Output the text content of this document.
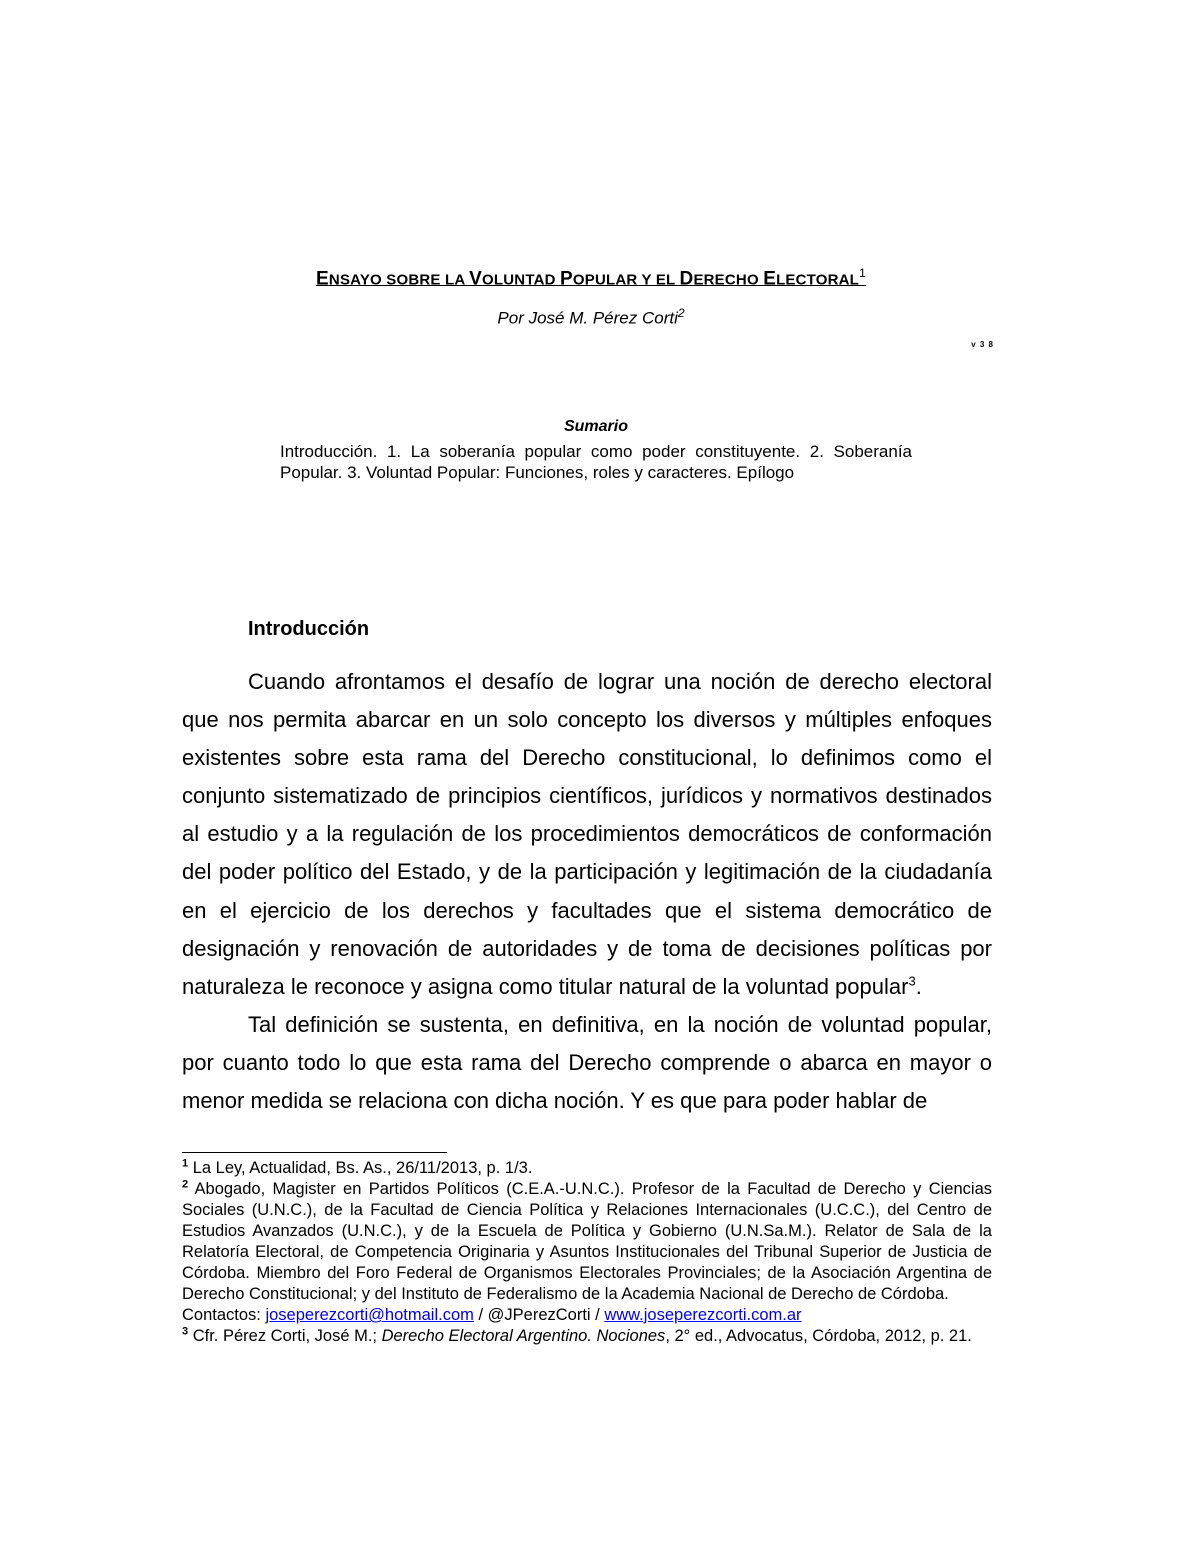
ENSAYO SOBRE LA VOLUNTAD POPULAR Y EL DERECHO ELECTORAL$^1$
Por José M. Pérez Corti$^2$
v 3 8
Sumario
Introducción. 1. La soberanía popular como poder constituyente. 2. Soberanía Popular. 3. Voluntad Popular: Funciones, roles y caracteres. Epílogo
Introducción

Cuando afrontamos el desafío de lograr una noción de derecho electoral que nos permita abarcar en un solo concepto los diversos y múltiples enfoques existentes sobre esta rama del Derecho constitucional, lo definimos como el conjunto sistematizado de principios científicos, jurídicos y normativos destinados al estudio y a la regulación de los procedimientos democráticos de conformación del poder político del Estado, y de la participación y legitimación de la ciudadanía en el ejercicio de los derechos y facultades que el sistema democrático de designación y renovación de autoridades y de toma de decisiones políticas por naturaleza le reconoce y asigna como titular natural de la voluntad popular$^3$.

Tal definición se sustenta, en definitiva, en la noción de voluntad popular, por cuanto todo lo que esta rama del Derecho comprende o abarca en mayor o menor medida se relaciona con dicha noción. Y es que para poder hablar de

$^1$ La Ley, Actualidad, Bs. As., 26/11/2013, p. 1/3.

$^2$ Abogado, Magister en Partidos Políticos (C.E.A.-U.N.C.). Profesor de la Facultad de Derecho y Ciencias Sociales (U.N.C.), de la Facultad de Ciencia Política y Relaciones Internacionales (U.C.C.), del Centro de Estudios Avanzados (U.N.C.), y de la Escuela de Política y Gobierno (U.N.Sa.M.). Relator de Sala de la Relatoría Electoral, de Competencia Originaria y Asuntos Institucionales del Tribunal Superior de Justicia de Córdoba. Miembro del Foro Federal de Organismos Electorales Provinciales; de la Asociación Argentina de Derecho Constitucional; y del Instituto de Federalismo de la Academia Nacional de Derecho de Córdoba.

Contactos: joseperezcorti@hotmail.com / @JPerezCorti / www.joseperezcorti.com.ar

$^3$ Cfr. Pérez Corti, José M.; Derecho Electoral Argentino. Nociones, 2° ed., Advocatus, Córdoba, 2012, p. 21.
